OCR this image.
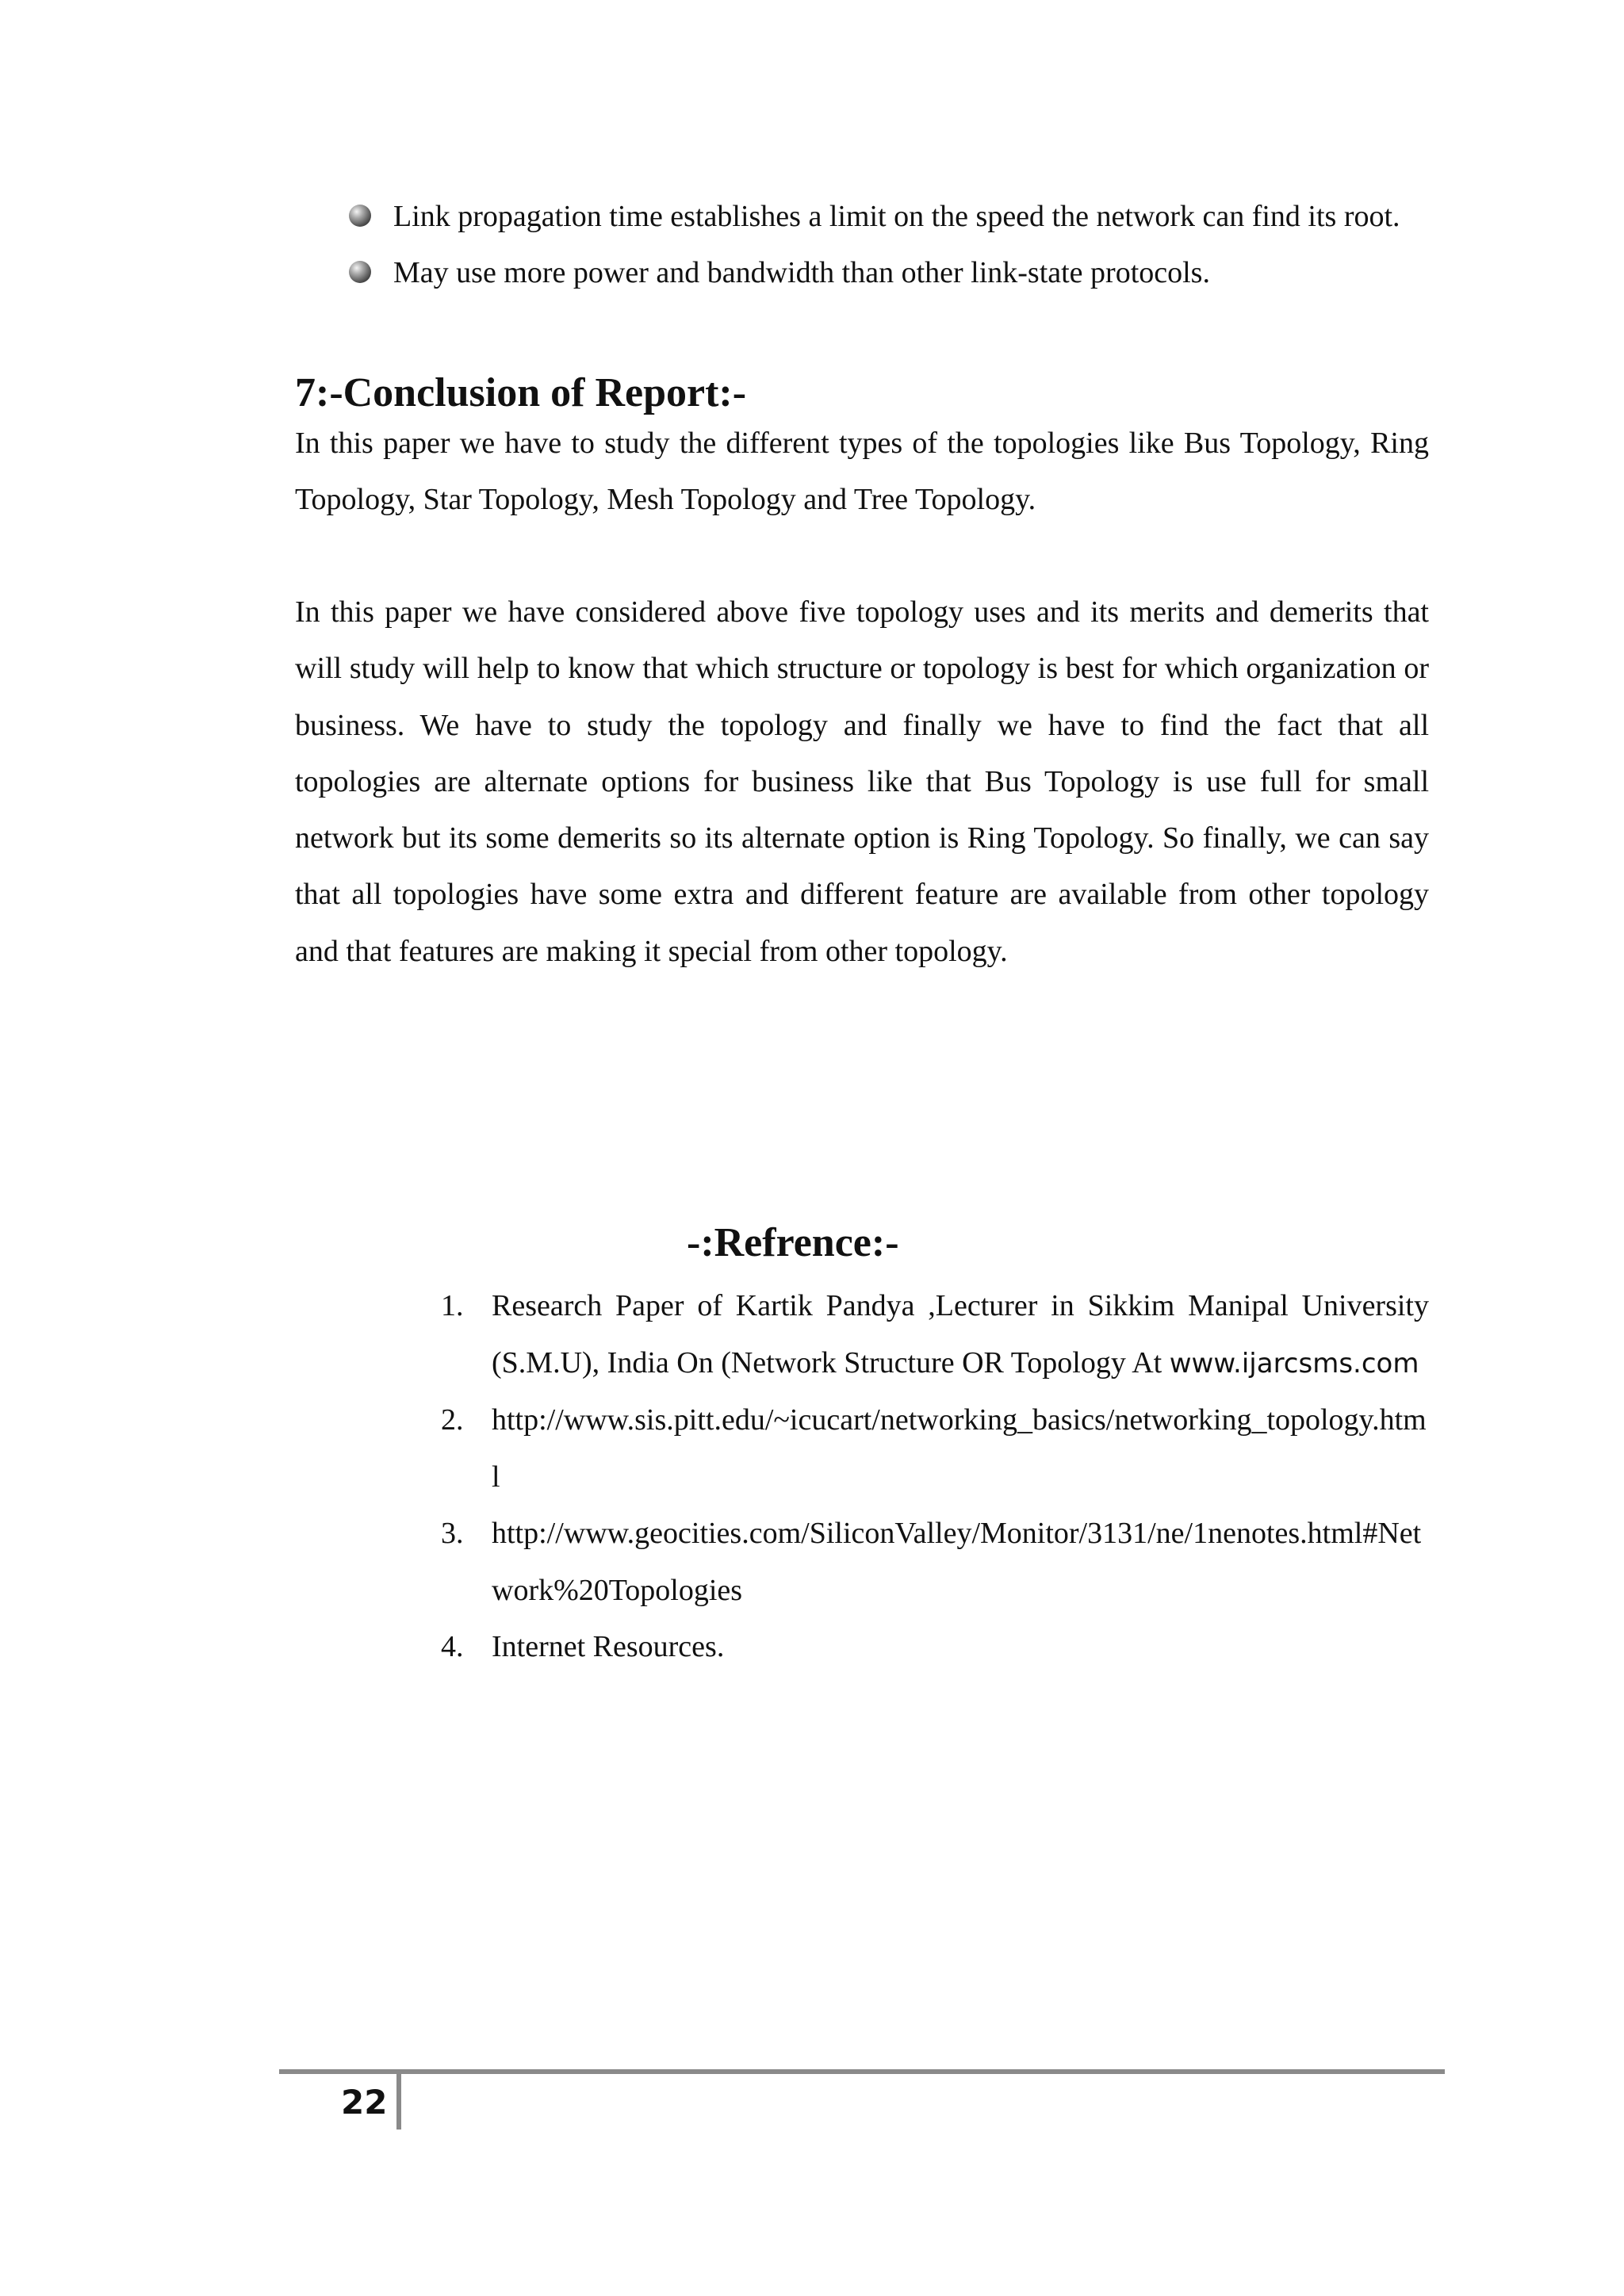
Link propagation time establishes a limit on the speed the network can find its root.
May use more power and bandwidth than other link-state protocols.
7:-Conclusion of Report:-

In this paper we have to study the different types of the topologies like Bus Topology, Ring Topology, Star Topology, Mesh Topology and Tree Topology.

In this paper we have considered above five topology uses and its merits and demerits that will study will help to know that which structure or topology is best for which organization or business. We have to study the topology and finally we have to find the fact that all topologies are alternate options for business like that Bus Topology is use full for small network but its some demerits so its alternate option is Ring Topology. So finally, we can say that all topologies have some extra and different feature are available from other topology and that features are making it special from other topology.

-:Refrence:-
1. Research Paper of Kartik Pandya ,Lecturer in Sikkim Manipal University (S.M.U), India On (Network Structure OR Topology At www.ijarcsms.com
2. http://www.sis.pitt.edu/~icucart/networking_basics/networking_topology.html
3. http://www.geocities.com/SiliconValley/Monitor/3131/ne/1nenotes.html#Network%20Topologies
4. Internet Resources.
22
